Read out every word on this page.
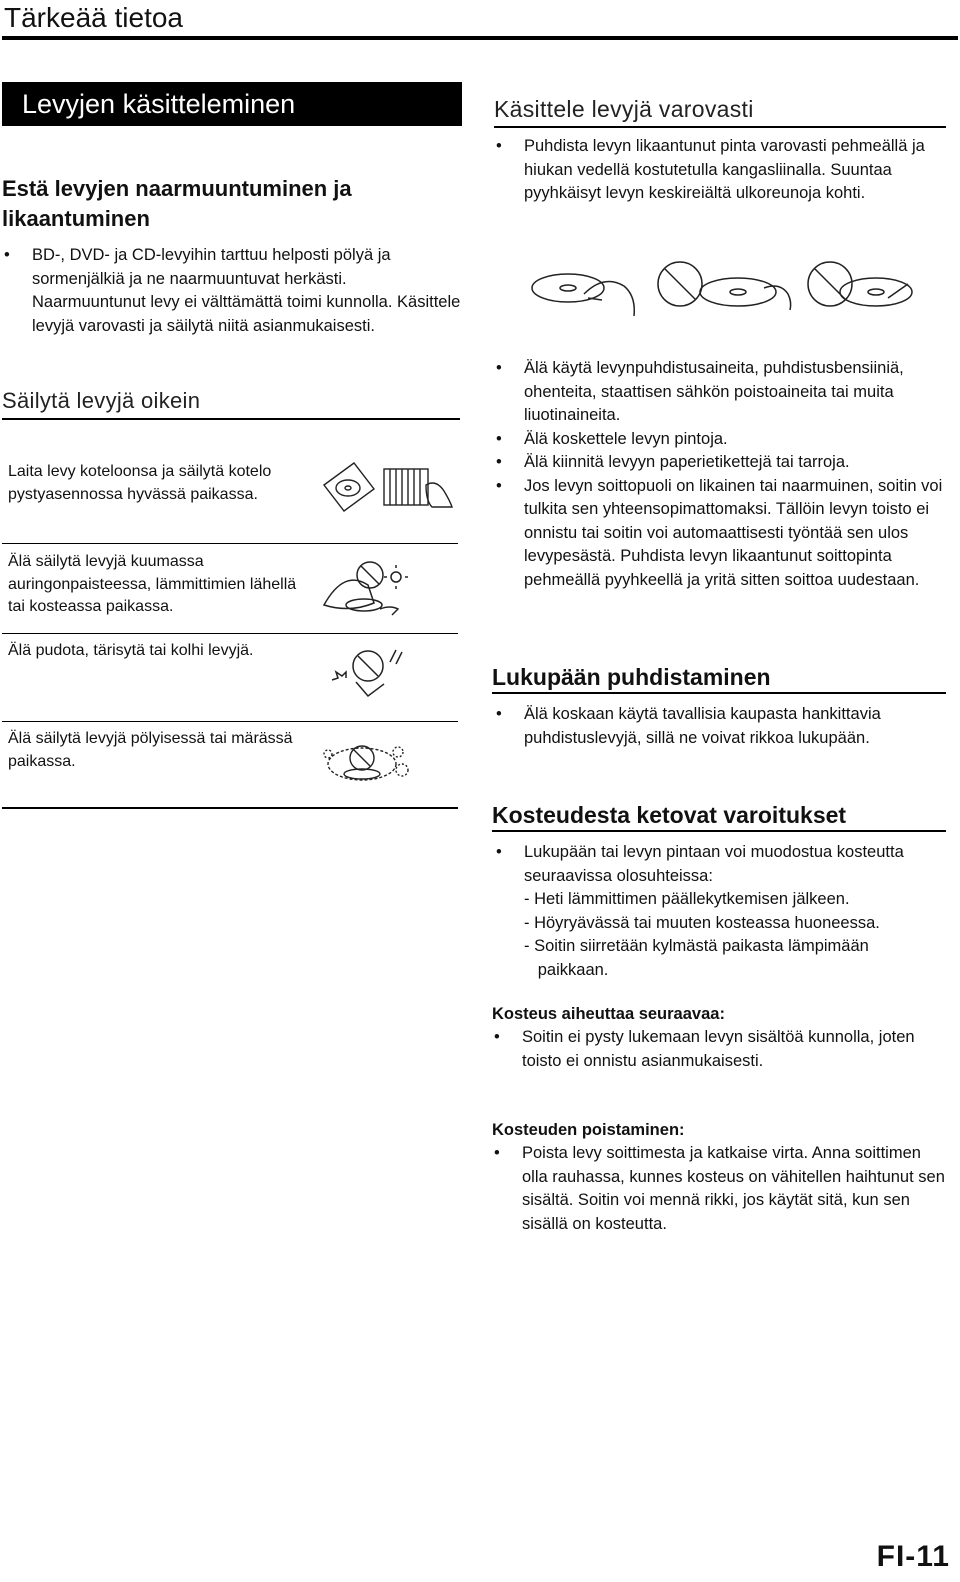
Tärkeää tietoa
Levyjen käsitteleminen
Estä levyjen naarmuuntuminen ja likaantuminen
• BD-, DVD- ja CD-levyihin tarttuu helposti pölyä ja sormenjälkiä ja ne naarmuuntuvat herkästi. Naarmuuntunut levy ei välttämättä toimi kunnolla. Käsittele levyjä varovasti ja säilytä niitä asianmukaisesti.
Säilytä levyjä oikein
Laita levy koteloonsa ja säilytä kotelo pystyasennossa hyvässä paikassa.
Älä säilytä levyjä kuumassa auringonpaisteessa, lämmittimien lähellä tai kosteassa paikassa.
Älä pudota, tärisytä tai kolhi levyjä.
Älä säilytä levyjä pölyisessä tai märässä paikassa.
Käsittele levyjä varovasti
• Puhdista levyn likaantunut pinta varovasti pehmeällä ja hiukan vedellä kostutetulla kangasliinalla. Suuntaa pyyhkäisyt levyn keskireiältä ulkoreunoja kohti.
• Älä käytä levynpuhdistusaineita, puhdistusbensiiniä, ohenteita, staattisen sähkön poistoaineita tai muita liuotinaineita.
• Älä koskettele levyn pintoja.
• Älä kiinnitä levyyn paperietikettejä tai tarroja.
• Jos levyn soittopuoli on likainen tai naarmuinen, soitin voi tulkita sen yhteensopimattomaksi. Tällöin levyn toisto ei onnistu tai soitin voi automaattisesti työntää sen ulos levypesästä. Puhdista levyn likaantunut soittopinta pehmeällä pyyhkeellä ja yritä sitten soittoa uudestaan.
Lukupään puhdistaminen
• Älä koskaan käytä tavallisia kaupasta hankittavia puhdistuslevyjä, sillä ne voivat rikkoa lukupään.
Kosteudesta ketovat varoitukset
• Lukupään tai levyn pintaan voi muodostua kosteutta seuraavissa olosuhteissa:
- Heti lämmittimen päällekytkemisen jälkeen.
- Höyryävässä tai muuten kosteassa huoneessa.
- Soitin siirretään kylmästä paikasta lämpimään
paikkaan.
Kosteus aiheuttaa seuraavaa:
• Soitin ei pysty lukemaan levyn sisältöä kunnolla, joten toisto ei onnistu asianmukaisesti.
Kosteuden poistaminen:
• Poista levy soittimesta ja katkaise virta. Anna soittimen olla rauhassa, kunnes kosteus on vähitellen haihtunut sen sisältä. Soitin voi mennä rikki, jos käytät sitä, kun sen sisällä on kosteutta.
FI-11
